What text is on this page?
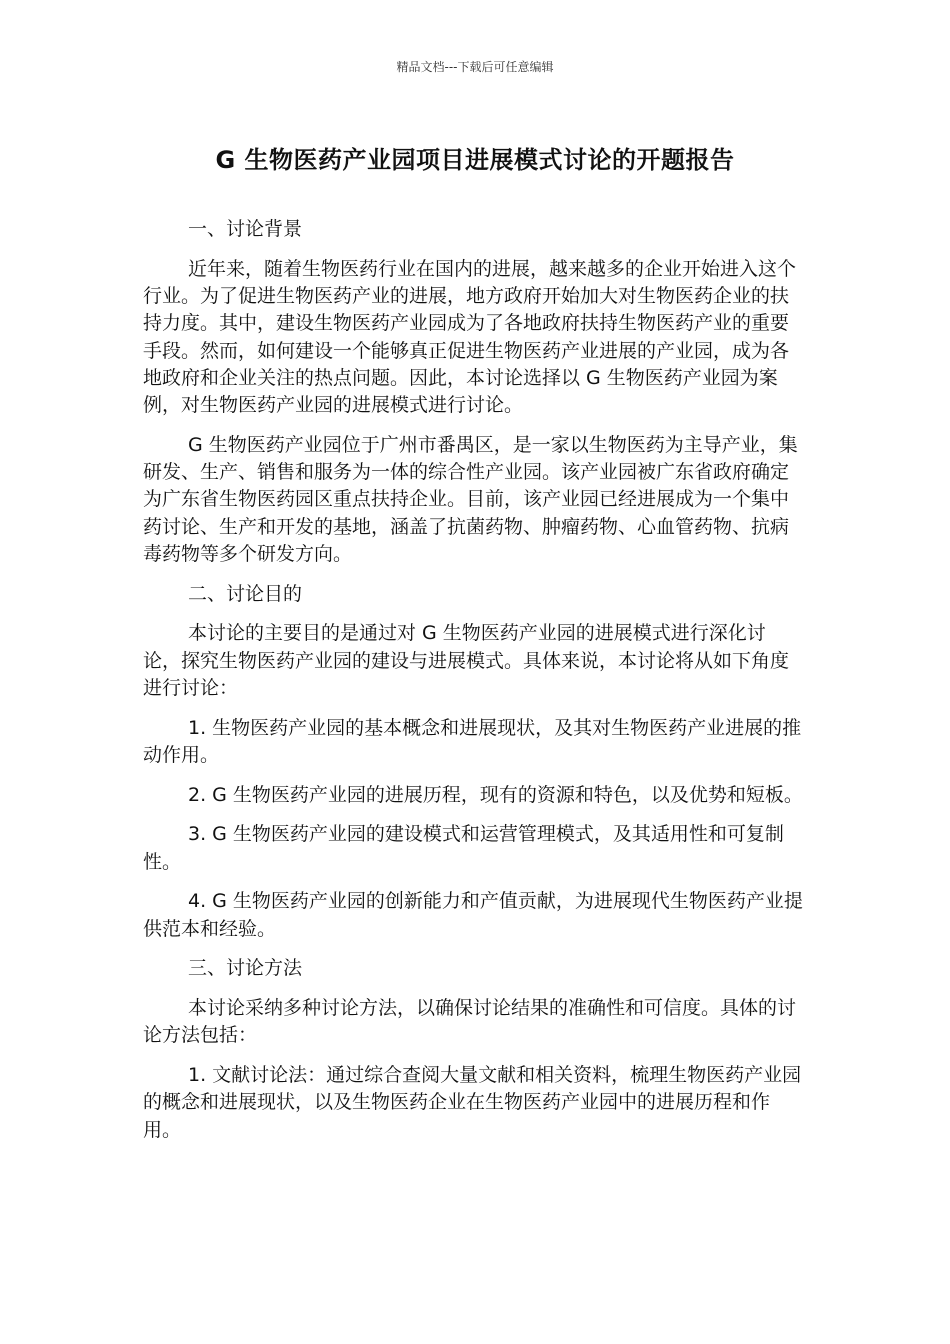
精品文档---下载后可任意编辑
G 生物医药产业园项目进展模式讨论的开题报告

一、讨论背景

近年来，随着生物医药行业在国内的进展，越来越多的企业开始进入这个行业。为了促进生物医药产业的进展，地方政府开始加大对生物医药企业的扶持力度。其中，建设生物医药产业园成为了各地政府扶持生物医药产业的重要手段。然而，如何建设一个能够真正促进生物医药产业进展的产业园，成为各地政府和企业关注的热点问题。因此，本讨论选择以 G 生物医药产业园为案例，对生物医药产业园的进展模式进行讨论。

G 生物医药产业园位于广州市番禺区，是一家以生物医药为主导产业，集研发、生产、销售和服务为一体的综合性产业园。该产业园被广东省政府确定为广东省生物医药园区重点扶持企业。目前，该产业园已经进展成为一个集中药讨论、生产和开发的基地，涵盖了抗菌药物、肿瘤药物、心血管药物、抗病毒药物等多个研发方向。

二、讨论目的

本讨论的主要目的是通过对 G 生物医药产业园的进展模式进行深化讨论，探究生物医药产业园的建设与进展模式。具体来说，本讨论将从如下角度进行讨论：

1. 生物医药产业园的基本概念和进展现状，及其对生物医药产业进展的推动作用。

2. G 生物医药产业园的进展历程，现有的资源和特色，以及优势和短板。

3. G 生物医药产业园的建设模式和运营管理模式，及其适用性和可复制性。

4. G 生物医药产业园的创新能力和产值贡献，为进展现代生物医药产业提供范本和经验。

三、讨论方法

本讨论采纳多种讨论方法，以确保讨论结果的准确性和可信度。具体的讨论方法包括：

1. 文献讨论法：通过综合查阅大量文献和相关资料，梳理生物医药产业园的概念和进展现状，以及生物医药企业在生物医药产业园中的进展历程和作用。
